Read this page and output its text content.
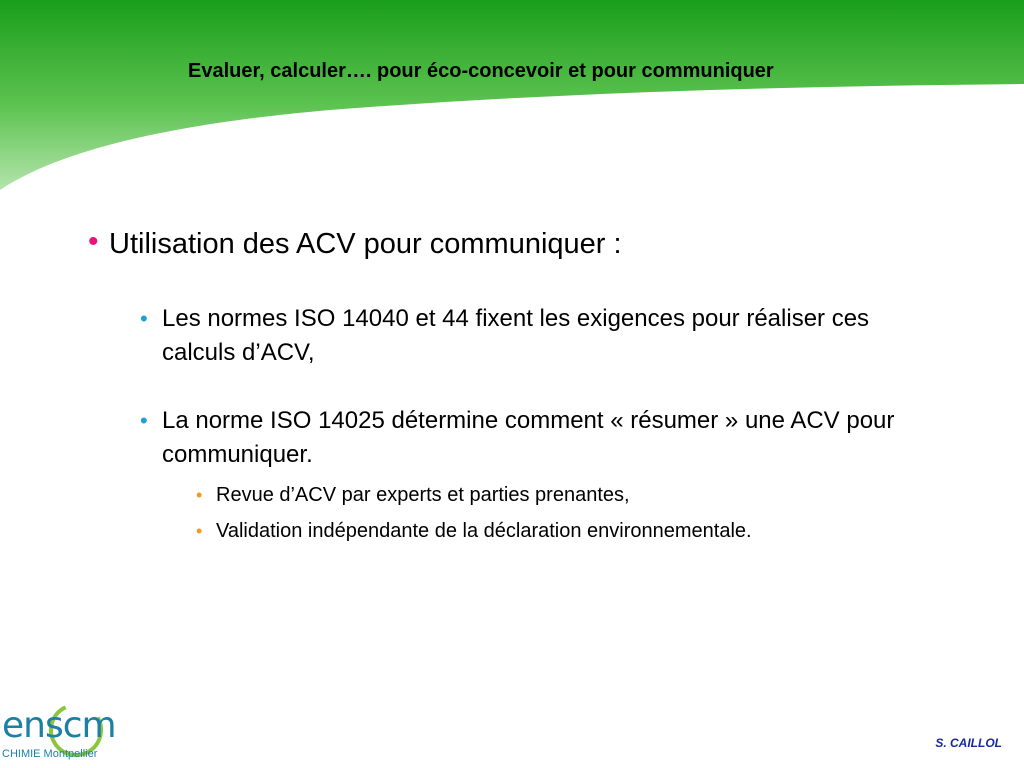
Evaluer, calculer…. pour éco-concevoir et pour communiquer
• Utilisation des ACV pour communiquer :
• Les normes ISO 14040 et 44 fixent les exigences pour réaliser ces calculs d’ACV,
• La norme ISO 14025 détermine comment « résumer » une ACV pour communiquer.
• Revue d’ACV par experts et parties prenantes,
• Validation indépendante de la déclaration environnementale.
enscm
CHIMIE Montpellier
S. CAILLOL
